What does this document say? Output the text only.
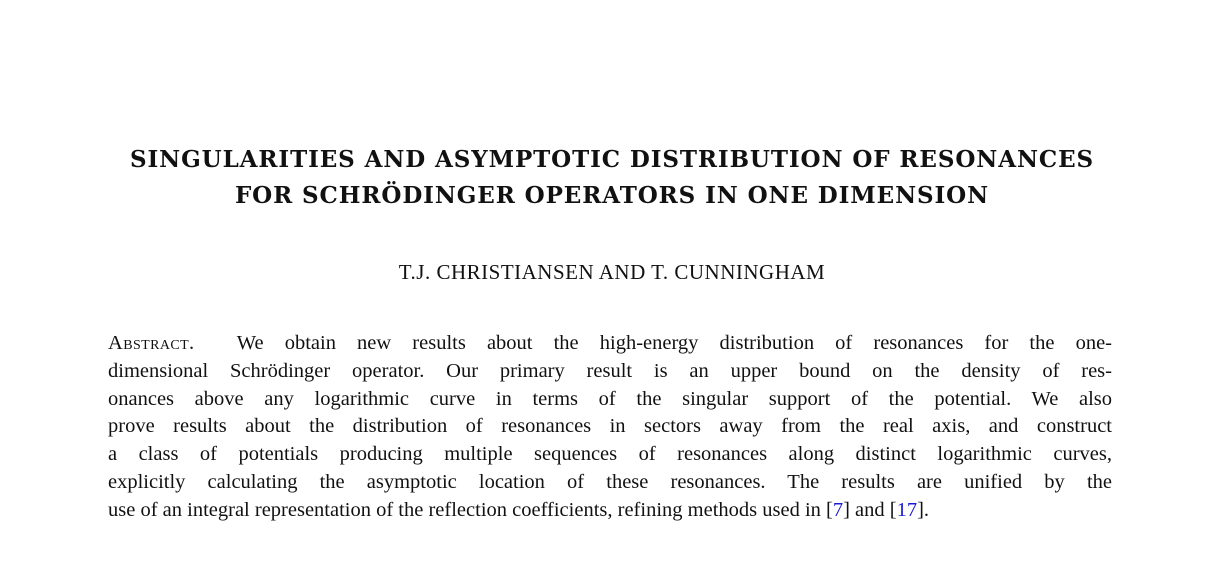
SINGULARITIES AND ASYMPTOTIC DISTRIBUTION OF RESONANCES
FOR SCHRÖDINGER OPERATORS IN ONE DIMENSION
T.J. CHRISTIANSEN AND T. CUNNINGHAM
Abstract. We obtain new results about the high-energy distribution of resonances for the one-
dimensional Schrödinger operator. Our primary result is an upper bound on the density of res-
onances above any logarithmic curve in terms of the singular support of the potential. We also
prove results about the distribution of resonances in sectors away from the real axis, and construct
a class of potentials producing multiple sequences of resonances along distinct logarithmic curves,
explicitly calculating the asymptotic location of these resonances. The results are unified by the
use of an integral representation of the reflection coefficients, refining methods used in [7] and [17].
